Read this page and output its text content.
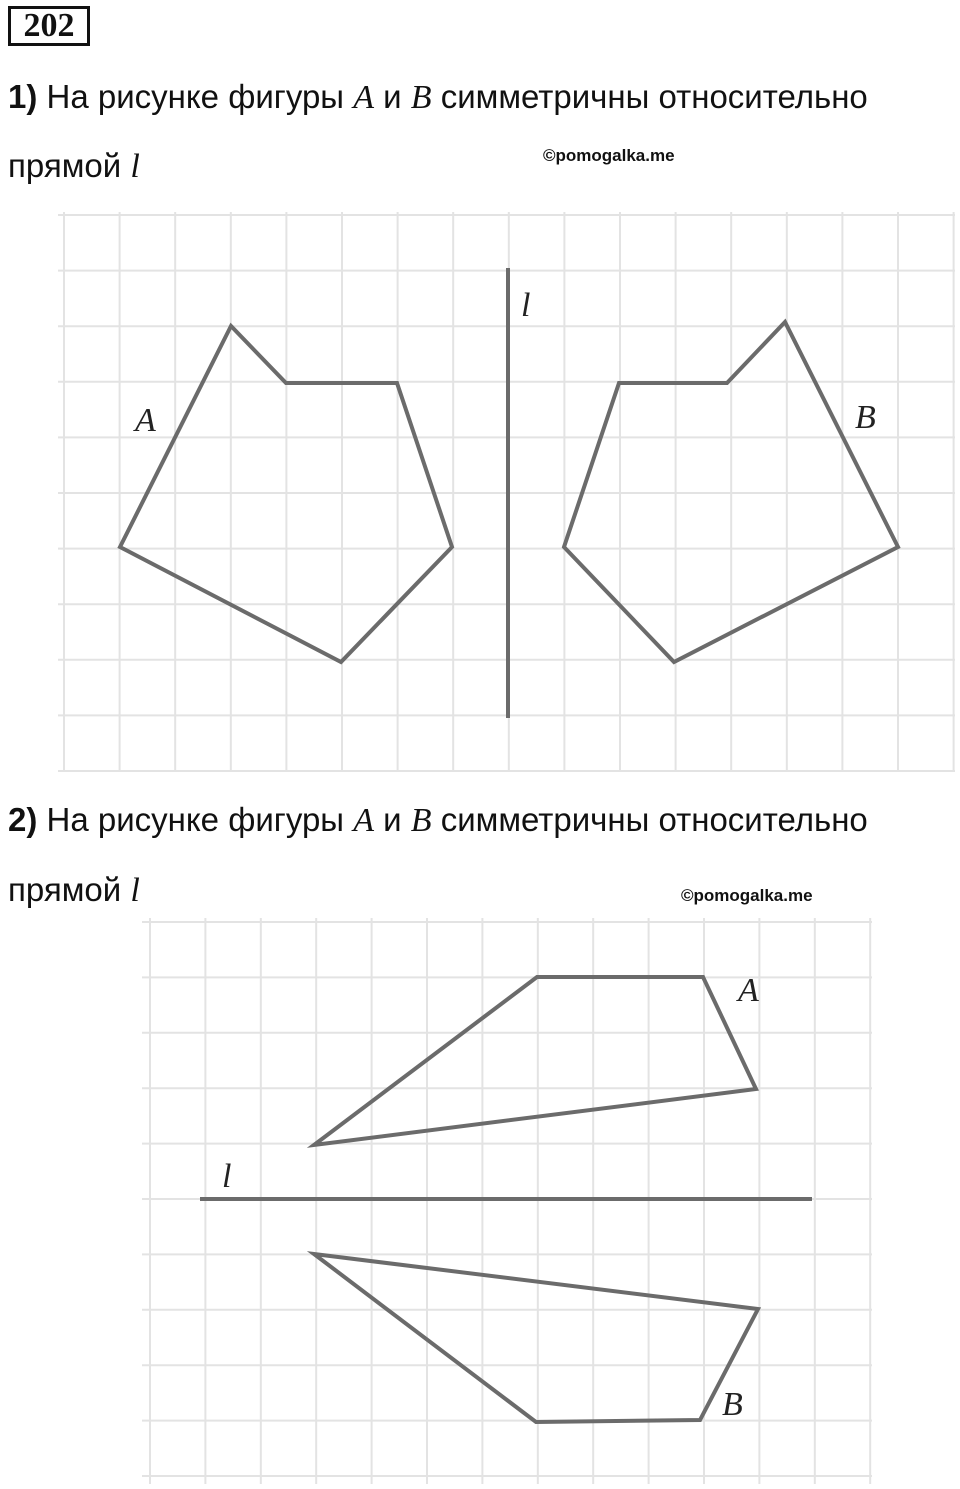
202
1) На рисунке фигуры A и B симметричны относительно
прямой l	©pomogalka.me
l
A	B
2) На рисунке фигуры A и B симметричны относительно
прямой l	©pomogalka.me
l
A
B
